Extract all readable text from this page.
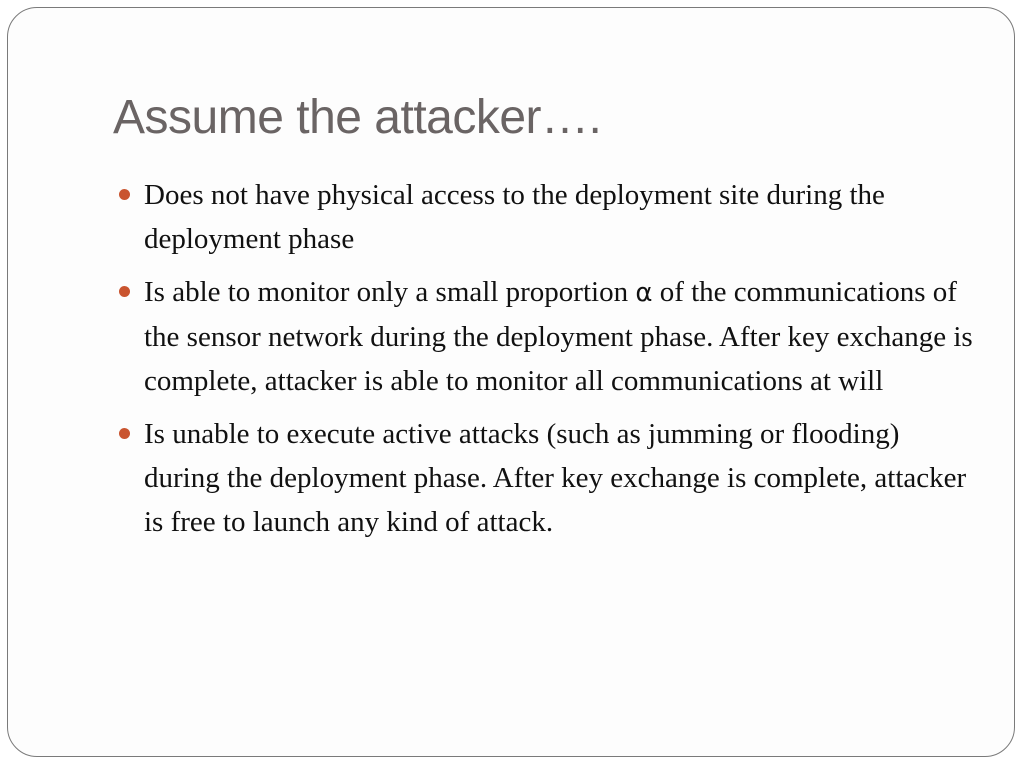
Assume the attacker….
Does not have physical access to the deployment site during the deployment phase
Is able to monitor only a small proportion α of the communications of the sensor network during the deployment phase. After key exchange is complete, attacker is able to monitor all communications at will
Is unable to execute active attacks (such as jumming or flooding) during the deployment phase. After key exchange is complete, attacker is free to launch any kind of attack.
